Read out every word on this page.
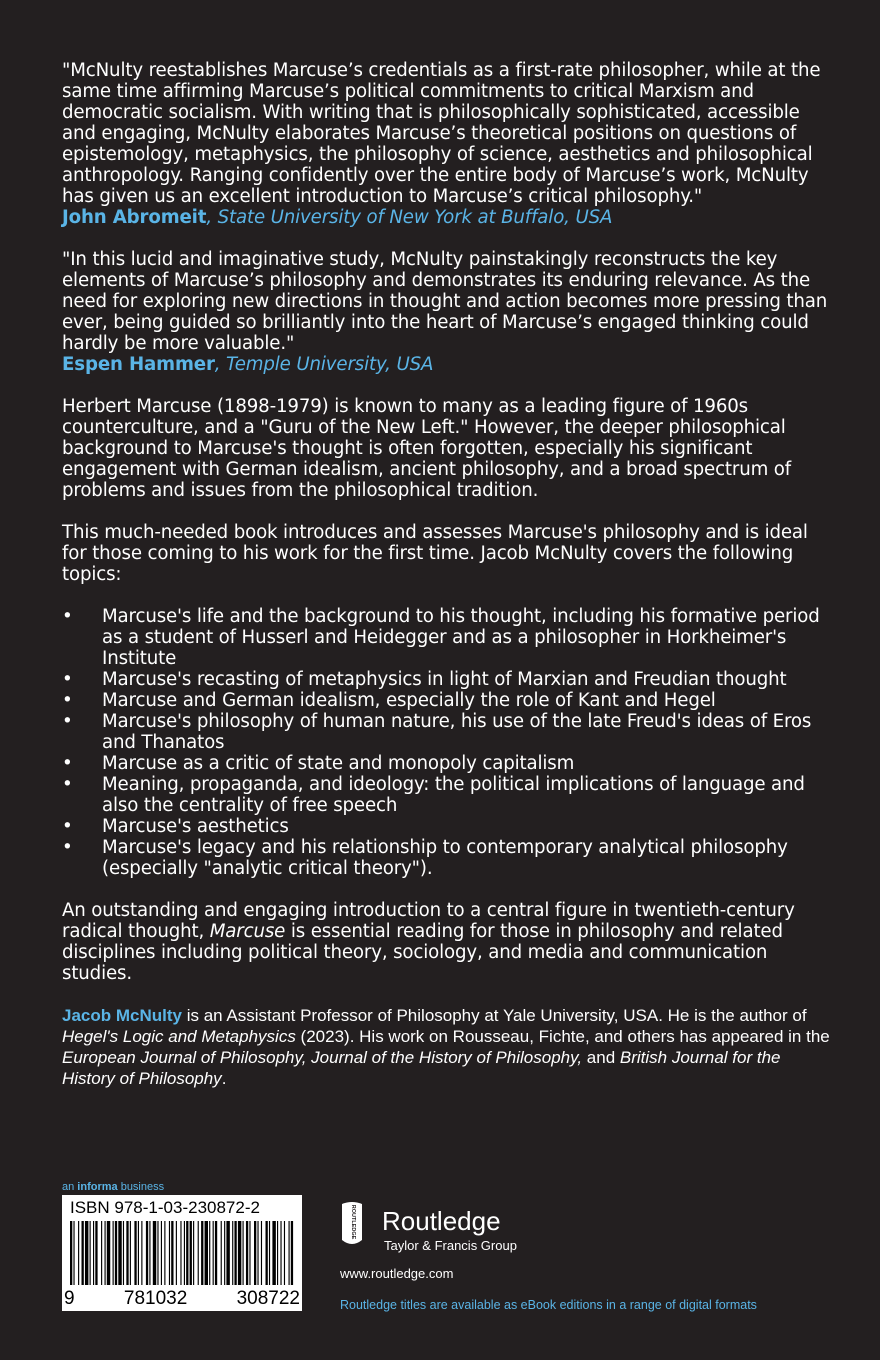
"McNulty reestablishes Marcuse’s credentials as a first-rate philosopher, while at the same time affirming Marcuse’s political commitments to critical Marxism and democratic socialism. With writing that is philosophically sophisticated, accessible and engaging, McNulty elaborates Marcuse’s theoretical positions on questions of epistemology, metaphysics, the philosophy of science, aesthetics and philosophical anthropology. Ranging confidently over the entire body of Marcuse’s work, McNulty has given us an excellent introduction to Marcuse’s critical philosophy."

John Abromeit, State University of New York at Buffalo, USA

"In this lucid and imaginative study, McNulty painstakingly reconstructs the key elements of Marcuse’s philosophy and demonstrates its enduring relevance. As the need for exploring new directions in thought and action becomes more pressing than ever, being guided so brilliantly into the heart of Marcuse’s engaged thinking could hardly be more valuable."

Espen Hammer, Temple University, USA

Herbert Marcuse (1898-1979) is known to many as a leading figure of 1960s counterculture, and a "Guru of the New Left." However, the deeper philosophical background to Marcuse's thought is often forgotten, especially his significant engagement with German idealism, ancient philosophy, and a broad spectrum of problems and issues from the philosophical tradition.

This much-needed book introduces and assesses Marcuse's philosophy and is ideal for those coming to his work for the first time. Jacob McNulty covers the following topics:

• Marcuse's life and the background to his thought, including his formative period as a student of Husserl and Heidegger and as a philosopher in Horkheimer's Institute
• Marcuse's recasting of metaphysics in light of Marxian and Freudian thought
• Marcuse and German idealism, especially the role of Kant and Hegel
• Marcuse's philosophy of human nature, his use of the late Freud's ideas of Eros and Thanatos
• Marcuse as a critic of state and monopoly capitalism
• Meaning, propaganda, and ideology: the political implications of language and also the centrality of free speech
• Marcuse's aesthetics
• Marcuse's legacy and his relationship to contemporary analytical philosophy (especially "analytic critical theory").

An outstanding and engaging introduction to a central figure in twentieth-century radical thought, Marcuse is essential reading for those in philosophy and related disciplines including political theory, sociology, and media and communication studies.

Jacob McNulty is an Assistant Professor of Philosophy at Yale University, USA. He is the author of Hegel's Logic and Metaphysics (2023). His work on Rousseau, Fichte, and others has appeared in the European Journal of Philosophy, Journal of the History of Philosophy, and British Journal for the History of Philosophy.

an informa business
ISBN 978-1-03-230872-2
9	781032	308722
ROUTLEDGE Routledge
Taylor & Francis Group
www.routledge.com
Routledge titles are available as eBook editions in a range of digital formats
